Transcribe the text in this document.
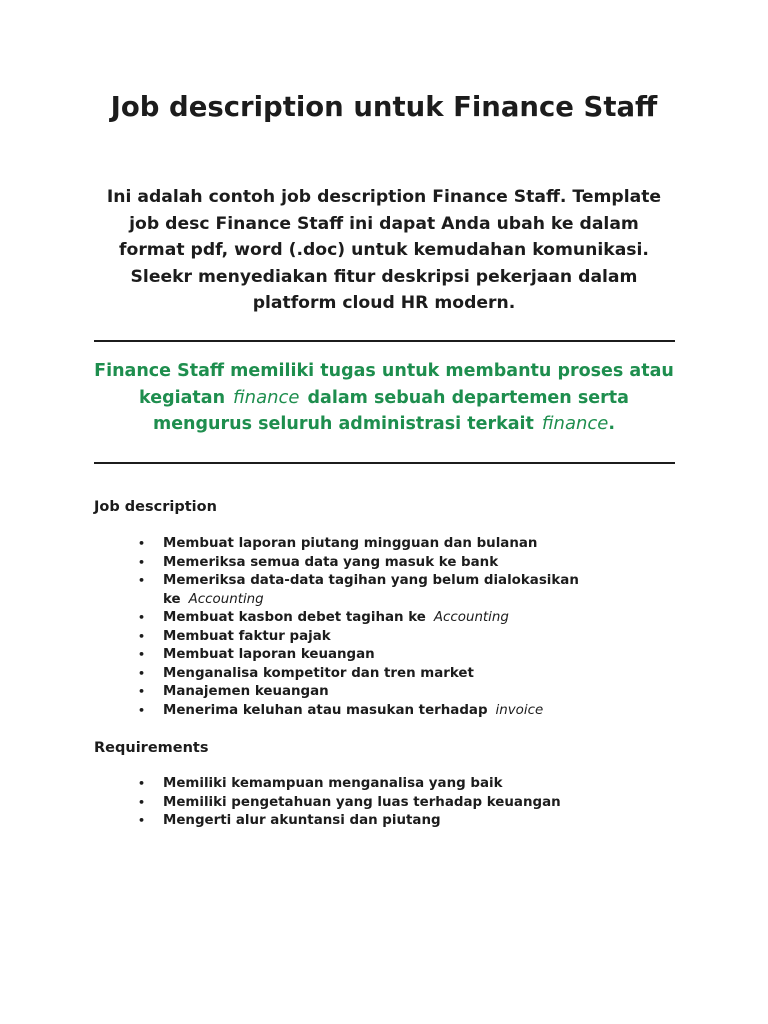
Job description untuk Finance Staff

Ini adalah contoh job description Finance Staff. Template job desc Finance Staff ini dapat Anda ubah ke dalam format pdf, word (.doc) untuk kemudahan komunikasi. Sleekr menyediakan fitur deskripsi pekerjaan dalam platform cloud HR modern.

Finance Staff memiliki tugas untuk membantu proses atau kegiatan finance dalam sebuah departemen serta mengurus seluruh administrasi terkait finance.

Job description
• Membuat laporan piutang mingguan dan bulanan
• Memeriksa semua data yang masuk ke bank
• Memeriksa data-data tagihan yang belum dialokasikan ke Accounting
• Membuat kasbon debet tagihan ke Accounting
• Membuat faktur pajak
• Membuat laporan keuangan
• Menganalisa kompetitor dan tren market
• Manajemen keuangan
• Menerima keluhan atau masukan terhadap invoice
Requirements
• Memiliki kemampuan menganalisa yang baik
• Memiliki pengetahuan yang luas terhadap keuangan
• Mengerti alur akuntansi dan piutang
